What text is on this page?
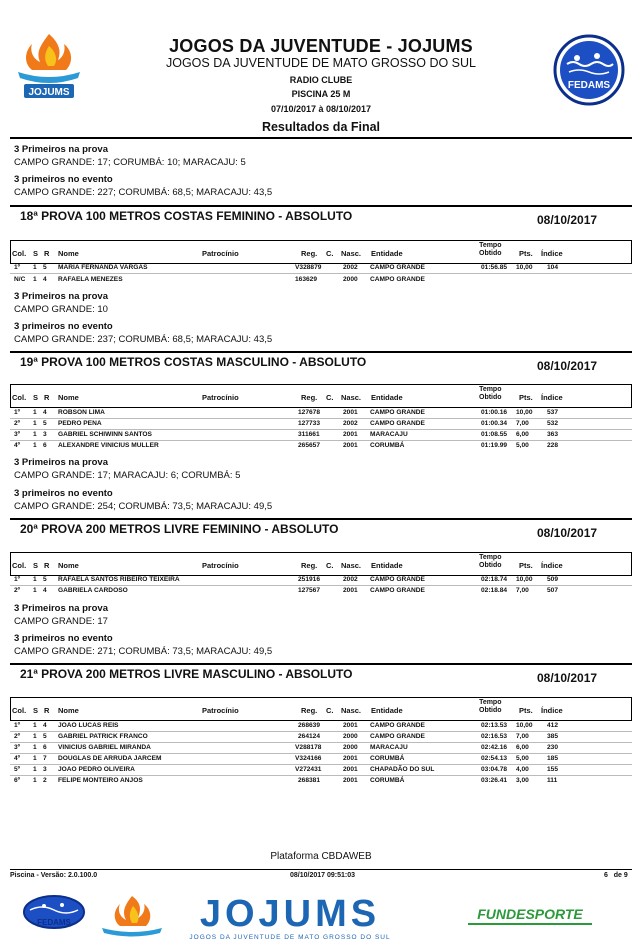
JOJUMS
JOGOS DA JUVENTUDE - JOJUMS
JOGOS DA JUVENTUDE DE MATO GROSSO DO SUL
RADIO CLUBE
PISCINA 25 M
07/10/2017 à 08/10/2017
Resultados da Final
FEDAMS
3 Primeiros na prova
CAMPO GRANDE: 17; CORUMBÁ: 10; MARACAJU: 5
3 primeiros no evento
CAMPO GRANDE: 227; CORUMBÁ: 68,5; MARACAJU: 43,5
18ª PROVA 100 METROS COSTAS FEMININO - ABSOLUTO	08/10/2017
Col. S R Nome	Patrocínio	Reg. C. Nasc. Entidade
Tempo
Obtido Pts. Índice
1º 1 5 MARIA FERNANDA VARGAS	V328879	2002 CAMPO GRANDE	01:56.85 10,00 104
N/C 1 4 RAFAELA MENEZES	163629	2000 CAMPO GRANDE
3 Primeiros na prova
CAMPO GRANDE: 10
3 primeiros no evento
CAMPO GRANDE: 237; CORUMBÁ: 68,5; MARACAJU: 43,5
19ª PROVA 100 METROS COSTAS MASCULINO - ABSOLUTO	08/10/2017
Col. S R Nome	Patrocínio	Reg. C. Nasc. Entidade
Tempo
Obtido Pts. Índice
1º 1 4 ROBSON LIMA	127678	2001 CAMPO GRANDE	01:00.16 10,00 537
2º 1 5 PEDRO PENA	127733	2002 CAMPO GRANDE	01:00.34 7,00	532
3º 1 3 GABRIEL SCHIWINN SANTOS	311661	2001 MARACAJU	01:08.55 6,00	363
4º 1 6 ALEXANDRE VINICIUS MULLER	265657	2001 CORUMBÁ	01:19.99 5,00	228
3 Primeiros na prova
CAMPO GRANDE: 17; MARACAJU: 6; CORUMBÁ: 5
3 primeiros no evento
CAMPO GRANDE: 254; CORUMBÁ: 73,5; MARACAJU: 49,5
20ª PROVA 200 METROS LIVRE FEMININO - ABSOLUTO	08/10/2017
Col. S R Nome	Patrocínio	Reg. C. Nasc. Entidade
Tempo
Obtido Pts. Índice
1º 1 5 RAFAELA SANTOS RIBEIRO TEIXEIRA	251916	2002 CAMPO GRANDE	02:18.74 10,00 509
2º 1 4 GABRIELA CARDOSO	127567	2001 CAMPO GRANDE	02:18.84 7,00	507
3 Primeiros na prova
CAMPO GRANDE: 17
3 primeiros no evento
CAMPO GRANDE: 271; CORUMBÁ: 73,5; MARACAJU: 49,5
21ª PROVA 200 METROS LIVRE MASCULINO - ABSOLUTO	08/10/2017
Col. S R Nome	Patrocínio	Reg. C. Nasc. Entidade
Tempo
Obtido Pts. Índice
1º 1 4 JOAO LUCAS REIS	268639	2001 CAMPO GRANDE	02:13.53 10,00 412
2º 1 5 GABRIEL PATRICK FRANCO	264124	2000 CAMPO GRANDE	02:16.53 7,00	385
3º 1 6 VINICIUS GABRIEL MIRANDA	V288178	2000 MARACAJU	02:42.16 6,00	230
4º 1 7 DOUGLAS DE ARRUDA JARCEM	V324166	2001 CORUMBÁ	02:54.13 5,00	185
5º 1 3 JOAO PEDRO OLIVEIRA	V272431	2001 CHAPADÃO DO SUL	03:04.78 4,00	155
6º 1 2 FELIPE MONTEIRO ANJOS	268381	2001 CORUMBÁ	03:26.41 3,00	111
Plataforma CBDAWEB
Piscina - Versão: 2.0.100.0	08/10/2017 09:51:03	6 de 9
FEDAMS	JOJUMS
JOGOS DA JUVENTUDE DE MATO GROSSO DO SUL
FUNDESPORTE
